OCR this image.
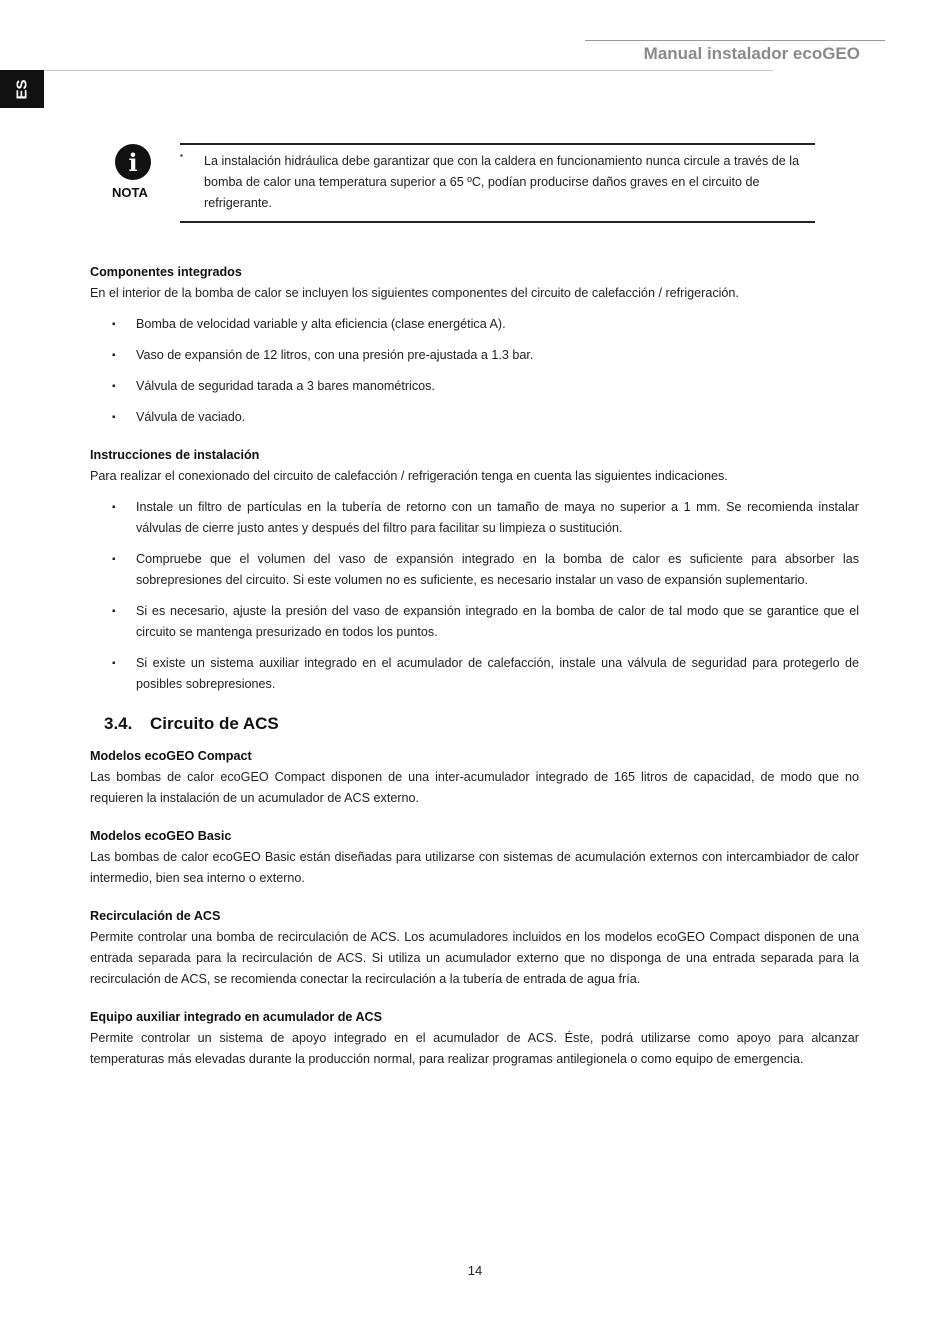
Manual instalador ecoGEO
ES
i
NOTA
▪ La instalación hidráulica debe garantizar que con la caldera en funcionamiento nunca circule a través de la bomba de calor una temperatura superior a 65 ºC, podían producirse daños graves en el circuito de refrigerante.

Componentes integrados

En el interior de la bomba de calor se incluyen los siguientes componentes del circuito de calefacción / refrigeración.

▪ Bomba de velocidad variable y alta eficiencia (clase energética A).
▪ Vaso de expansión de 12 litros, con una presión pre-ajustada a 1.3 bar.
▪ Válvula de seguridad tarada a 3 bares manométricos.
▪ Válvula de vaciado.

Instrucciones de instalación

Para realizar el conexionado del circuito de calefacción / refrigeración tenga en cuenta las siguientes indicaciones.

▪ Instale un filtro de partículas en la tubería de retorno con un tamaño de maya no superior a 1 mm. Se recomienda instalar válvulas de cierre justo antes y después del filtro para facilitar su limpieza o sustitución.
▪ Compruebe que el volumen del vaso de expansión integrado en la bomba de calor es suficiente para absorber las sobrepresiones del circuito. Si este volumen no es suficiente, es necesario instalar un vaso de expansión suplementario.
▪ Si es necesario, ajuste la presión del vaso de expansión integrado en la bomba de calor de tal modo que se garantice que el circuito se mantenga presurizado en todos los puntos.
▪ Si existe un sistema auxiliar integrado en el acumulador de calefacción, instale una válvula de seguridad para protegerlo de posibles sobrepresiones.
3.4. Circuito de ACS

Modelos ecoGEO Compact

Las bombas de calor ecoGEO Compact disponen de una inter-acumulador integrado de 165 litros de capacidad, de modo que no requieren la instalación de un acumulador de ACS externo.

Modelos ecoGEO Basic

Las bombas de calor ecoGEO Basic están diseñadas para utilizarse con sistemas de acumulación externos con intercambiador de calor intermedio, bien sea interno o externo.

Recirculación de ACS

Permite controlar una bomba de recirculación de ACS. Los acumuladores incluidos en los modelos ecoGEO Compact disponen de una entrada separada para la recirculación de ACS. Si utiliza un acumulador externo que no disponga de una entrada separada para la recirculación de ACS, se recomienda conectar la recirculación a la tubería de entrada de agua fría.

Equipo auxiliar integrado en acumulador de ACS

Permite controlar un sistema de apoyo integrado en el acumulador de ACS. Éste, podrá utilizarse como apoyo para alcanzar temperaturas más elevadas durante la producción normal, para realizar programas antilegionela o como equipo de emergencia.

14
